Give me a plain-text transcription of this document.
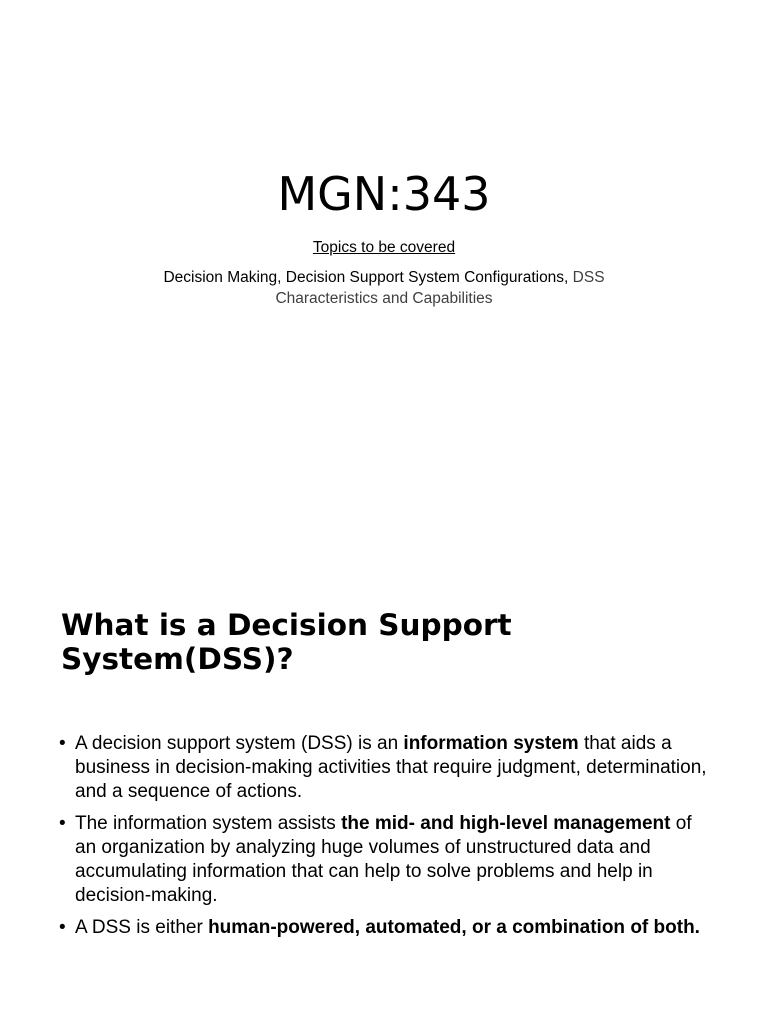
MGN:343
Topics to be covered
Decision Making, Decision Support System Configurations, DSS Characteristics and Capabilities
What is a Decision Support System(DSS)?
• A decision support system (DSS) is an information system that aids a business in decision-making activities that require judgment, determination, and a sequence of actions.
• The information system assists the mid- and high-level management of an organization by analyzing huge volumes of unstructured data and accumulating information that can help to solve problems and help in decision-making.
• A DSS is either human-powered, automated, or a combination of both.
